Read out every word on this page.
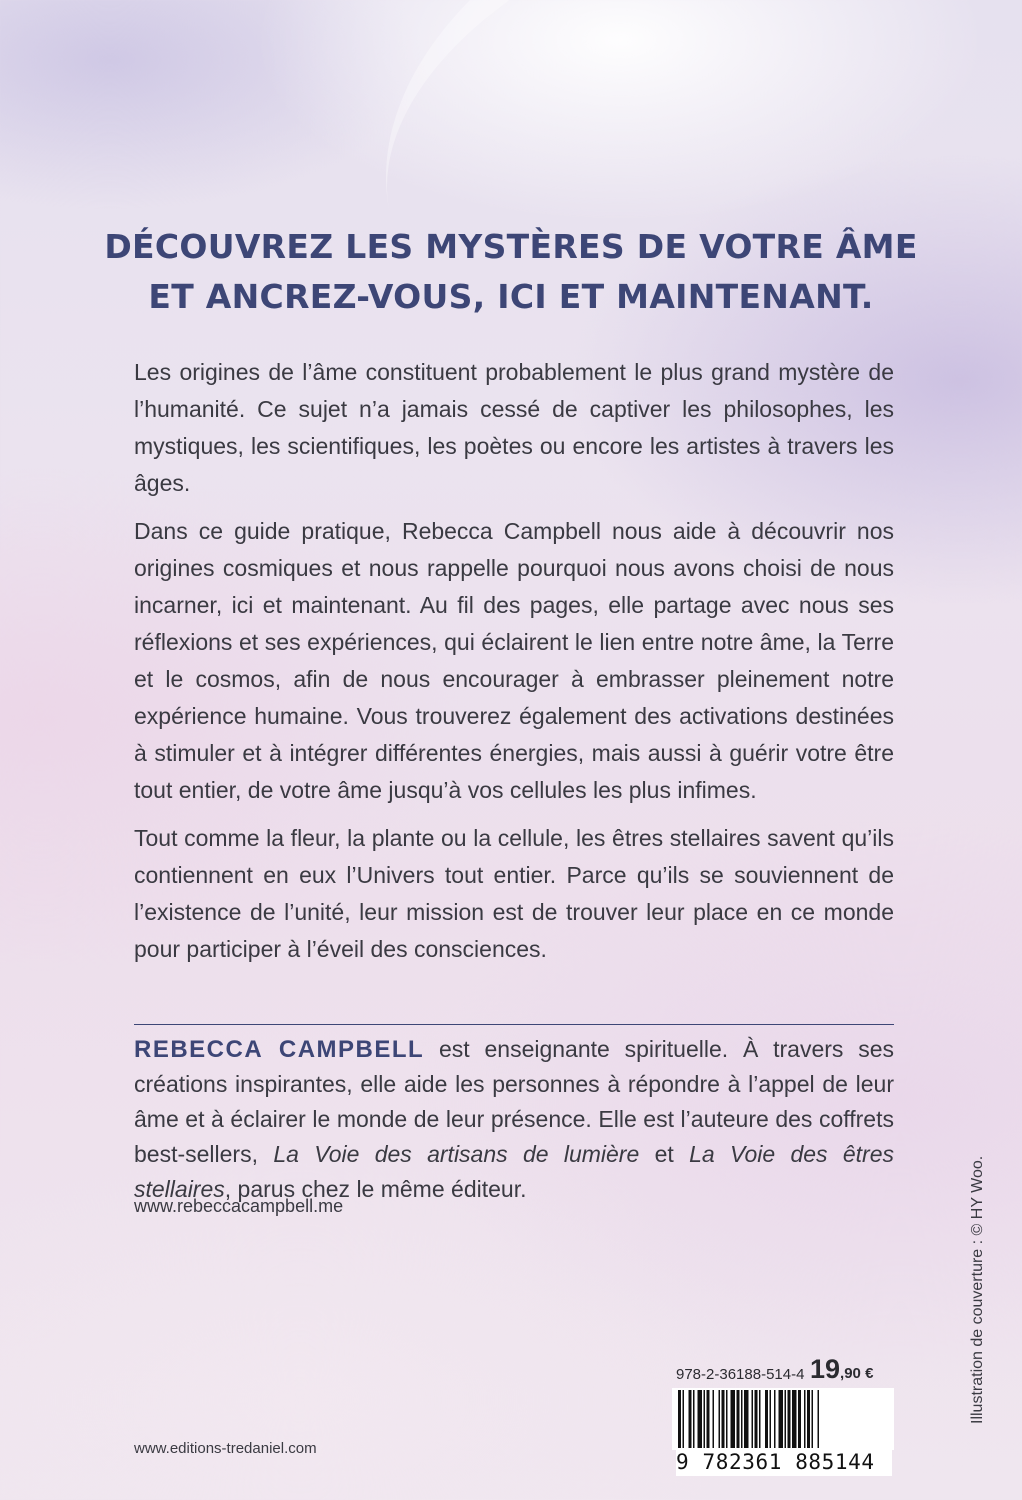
DÉCOUVREZ LES MYSTÈRES DE VOTRE ÂME
ET ANCREZ-VOUS, ICI ET MAINTENANT.

Les origines de l’âme constituent probablement le plus grand mystère de l’humanité. Ce sujet n’a jamais cessé de captiver les philosophes, les mystiques, les scientifiques, les poètes ou encore les artistes à travers les âges.

Dans ce guide pratique, Rebecca Campbell nous aide à découvrir nos origines cosmiques et nous rappelle pourquoi nous avons choisi de nous incarner, ici et maintenant. Au fil des pages, elle partage avec nous ses réflexions et ses expériences, qui éclairent le lien entre notre âme, la Terre et le cosmos, afin de nous encourager à embrasser pleinement notre expérience humaine. Vous trouverez également des activations destinées à stimuler et à intégrer différentes énergies, mais aussi à guérir votre être tout entier, de votre âme jusqu’à vos cellules les plus infimes.

Tout comme la fleur, la plante ou la cellule, les êtres stellaires savent qu’ils contiennent en eux l’Univers tout entier. Parce qu’ils se souviennent de l’existence de l’unité, leur mission est de trouver leur place en ce monde pour participer à l’éveil des consciences.

REBECCA CAMPBELL est enseignante spirituelle. À travers ses créations inspirantes, elle aide les personnes à répondre à l’appel de leur âme et à éclairer le monde de leur présence. Elle est l’auteure des coffrets best-sellers, La Voie des artisans de lumière et La Voie des êtres stellaires, parus chez le même éditeur.

www.rebeccacampbell.me	Illustration de couverture : © HY Woo.
www.editions-tredaniel.com
978-2-36188-514-4 19,90 €
9 782361 885144
